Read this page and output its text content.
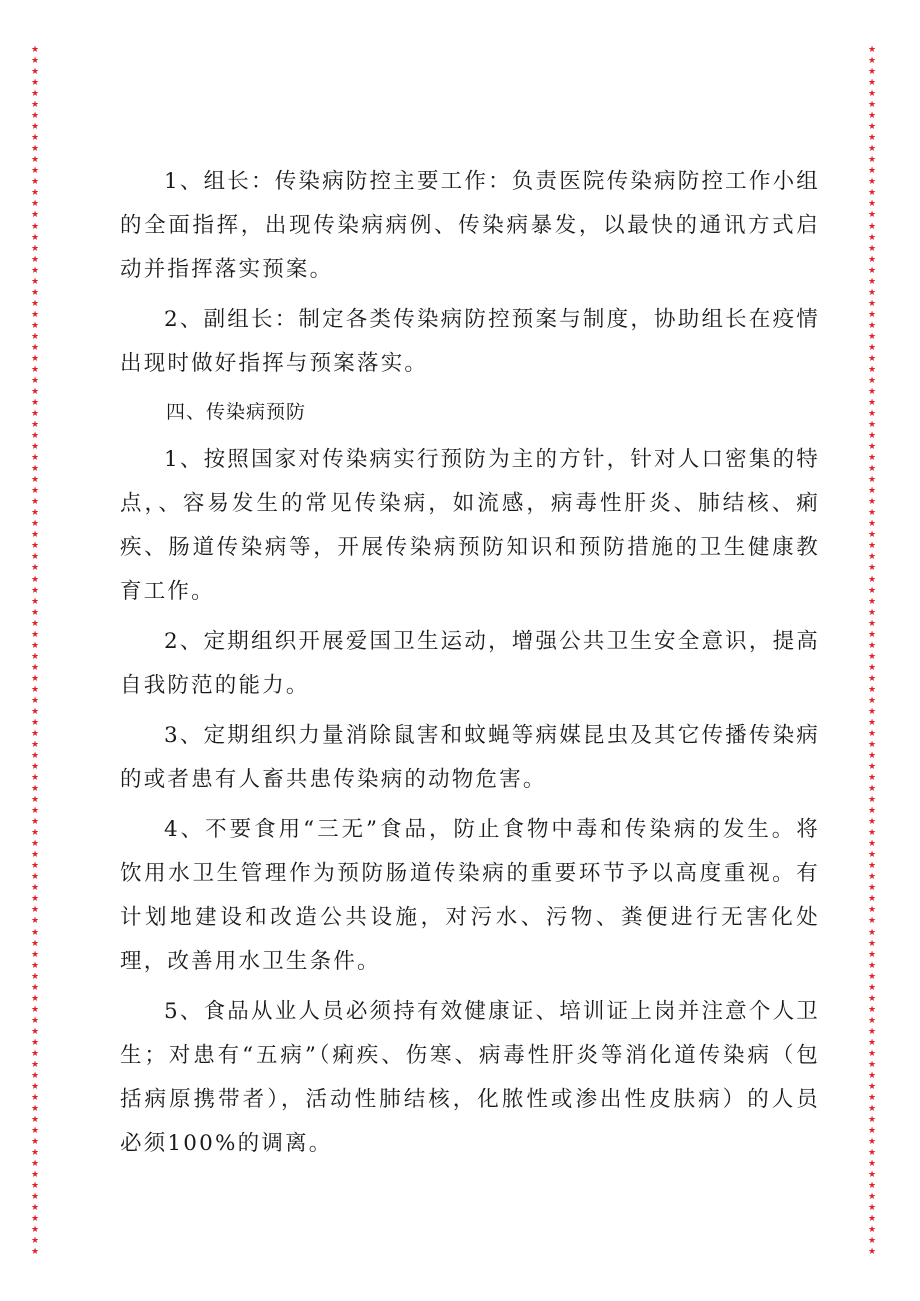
★
★
★
★
★
★
★
★
★
★
★
★
★
★
★
★
★
★
★
★
★
★
★
★
★
★
★
★
★
★
★
★
★
★
★
★
★
★
★
★
★
★
★
★
★
★
★
★
★
★
★
★
★
★
★
★
★
★
★
★
★
★
★
★
★
★
★
★
★
★
★
★
★
★
★
★
★
★
★
★
★
★
★
★
★
★
★
★
★
★
★
★
★
★
★
★
★
★
★
★
★
★
★
★
★
★
★
★
★
★
★
★
★
★
★
★
★
★
★
★
★
★
★
★
★
★
★
★
★
★
★
★
★
★
★
★
★
★
★
★
★
★
★
★
★
★
★
★
★
★
★
★
★
★
★
★
★
★
★
★
★
★
★
★
★
★
★
★
★
★
★
★
★
★
★
★
★
★
★
★
★
★
★
★
★
★
★
★
★
★
★
★
★
★
★
★
★
★
★
★
★
★
★
★
★
★
★
★
★
★
★
★
★
★
★
★
★
★
★
★

1、组长：传染病防控主要工作：负责医院传染病防控工作小组的全面指挥，出现传染病病例、传染病暴发，以最快的通讯方式启动并指挥落实预案。

2、副组长：制定各类传染病防控预案与制度，协助组长在疫情出现时做好指挥与预案落实。

四、传染病预防

1、按照国家对传染病实行预防为主的方针，针对人口密集的特点，、容易发生的常见传染病，如流感，病毒性肝炎、肺结核、痢疾、肠道传染病等，开展传染病预防知识和预防措施的卫生健康教育工作。

2、定期组织开展爱国卫生运动，增强公共卫生安全意识，提高自我防范的能力。

3、定期组织力量消除鼠害和蚊蝇等病媒昆虫及其它传播传染病的或者患有人畜共患传染病的动物危害。

4、不要食用“三无”食品，防止食物中毒和传染病的发生。将饮用水卫生管理作为预防肠道传染病的重要环节予以高度重视。有计划地建设和改造公共设施，对污水、污物、粪便进行无害化处理，改善用水卫生条件。

5、食品从业人员必须持有效健康证、培训证上岗并注意个人卫生；对患有“五病”（痢疾、伤寒、病毒性肝炎等消化道传染病（包括病原携带者），活动性肺结核，化脓性或渗出性皮肤病）的人员必须100%的调离。
